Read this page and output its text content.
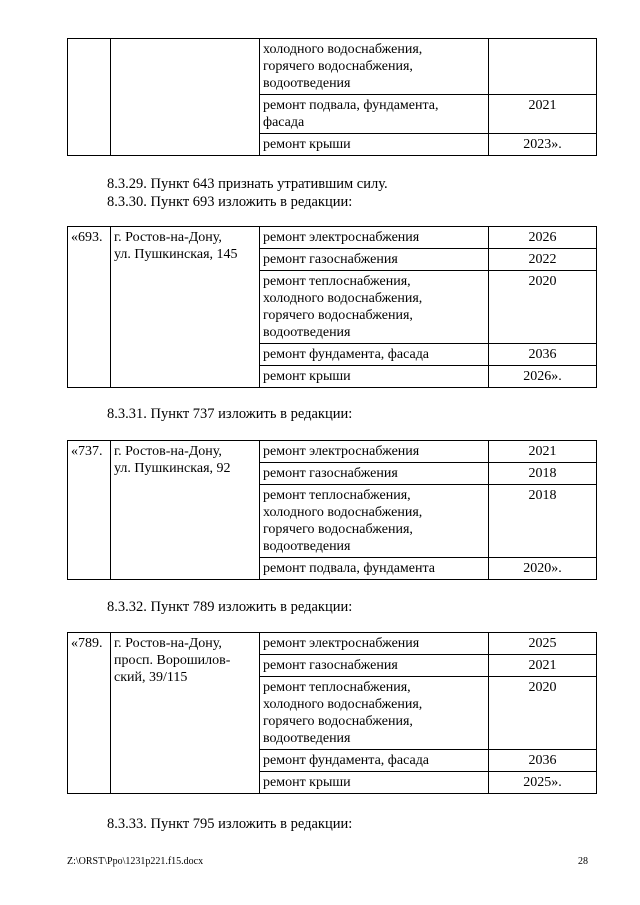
		холодного водоснабжения,
горячего водоснабжения,
водоотведения	
		ремонт подвала, фундамента,
фасада	2021
		ремонт крыши	2023».

8.3.29. Пункт 643 признать утратившим силу.

8.3.30. Пункт 693 изложить в редакции:

«693.	г. Ростов-на-Дону,
ул. Пушкинская, 145	ремонт электроснабжения	2026
		ремонт газоснабжения	2022
		ремонт теплоснабжения,
холодного водоснабжения,
горячего водоснабжения,
водоотведения	2020
		ремонт фундамента, фасада	2036
		ремонт крыши	2026».

8.3.31. Пункт 737 изложить в редакции:

«737.	г. Ростов-на-Дону,
ул. Пушкинская, 92	ремонт электроснабжения	2021
		ремонт газоснабжения	2018
		ремонт теплоснабжения,
холодного водоснабжения,
горячего водоснабжения,
водоотведения	2018
		ремонт подвала, фундамента	2020».

8.3.32. Пункт 789 изложить в редакции:

«789.	г. Ростов-на-Дону,
просп. Ворошилов-
ский, 39/115	ремонт электроснабжения	2025
		ремонт газоснабжения	2021
		ремонт теплоснабжения,
холодного водоснабжения,
горячего водоснабжения,
водоотведения	2020
		ремонт фундамента, фасада	2036
		ремонт крыши	2025».

8.3.33. Пункт 795 изложить в редакции:

Z:\ORST\Ppo\1231p221.f15.docx	28
